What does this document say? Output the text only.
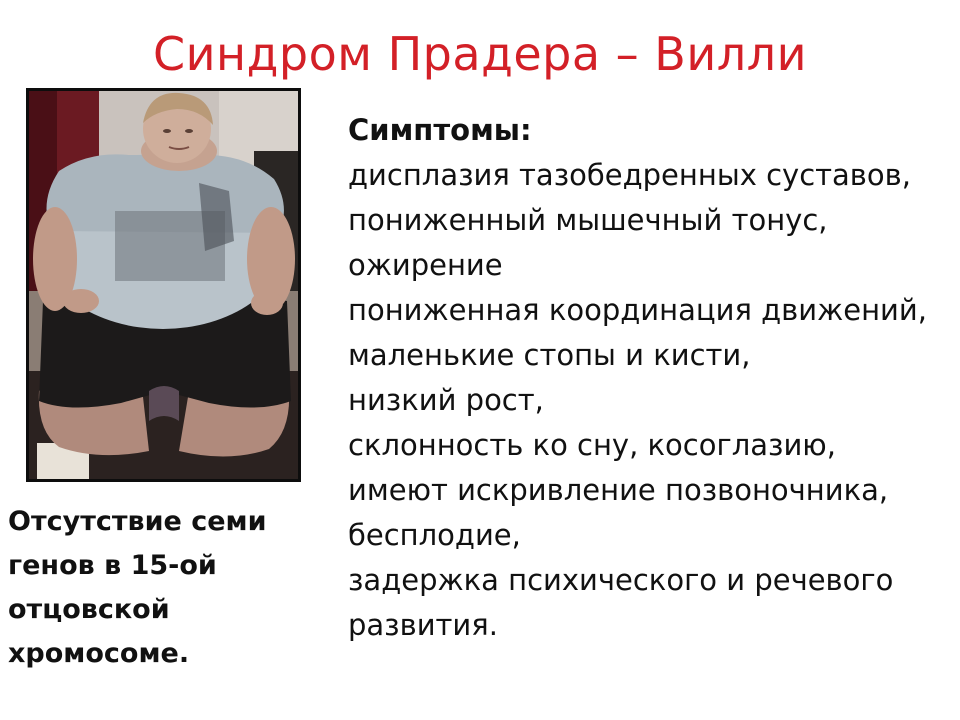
Синдром Прадера – Вилли
Отсутствие семи
генов в 15-ой
отцовской
хромосоме.
Симптомы:
дисплазия тазобедренных суставов,
пониженный мышечный тонус,
ожирение
пониженная координация движений,
маленькие стопы и кисти,
низкий рост,
склонность ко сну, косоглазию,
имеют искривление позвоночника,
бесплодие,
задержка психического и речевого
развития.
